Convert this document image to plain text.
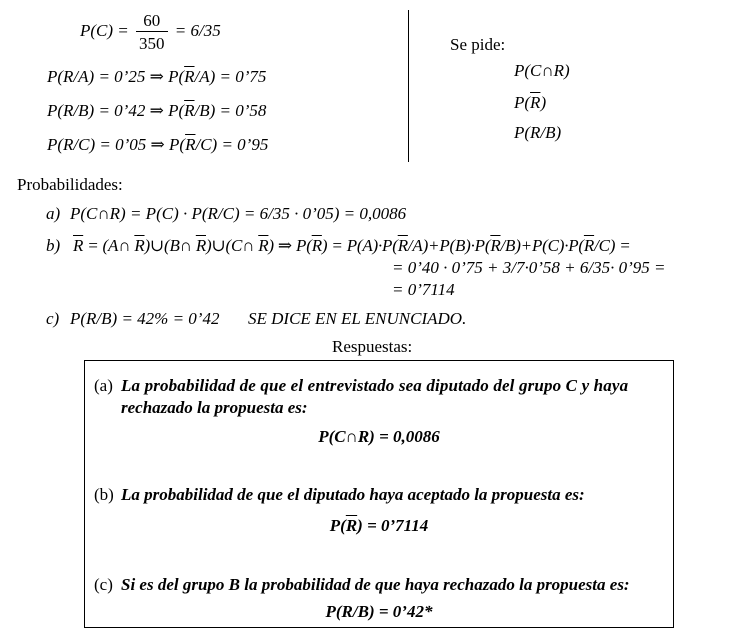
$P(C) = \frac{60}{350} = 6/35$
P(R/A) = 0’25 ⇒ $P(\overline{R}/A)$ = 0’75
P(R/B) = 0’42 ⇒ $P(\overline{R}/B)$ = 0’58
P(R/C) = 0’05 ⇒ $P(\overline{R}/C)$ = 0’95
Se pide:
P(C∩R)
$P(\overline{R})$
P(R/B)
Probabilidades:
a) P(C∩R) = P(C) · P(R/C) = 6/35 · 0’05) = 0,0086
b) $\overline{R}$ = (A∩ $\overline{R})\cup(B\cap$ $\overline{R})\cup(C\cap$ $\overline{R}$) ⇒ $P(\overline{R}) = P(A)\cdot P(\overline{R}/A)+P(B)\cdot P(\overline{R}/B)+P(C)\cdot P(\overline{R}/C)$ =
= 0’40 · 0’75 + 3/7·0’58 + 6/35· 0’95 =
= 0’7114
c) P(R/B) = 42% = 0’42 SE DICE EN EL ENUNCIADO.
Respuestas:
(a) La probabilidad de que el entrevistado sea diputado del grupo C y haya
rechazado la propuesta es:
P(C∩R) = 0,0086
(b) La probabilidad de que el diputado haya aceptado la propuesta es:
$P(\overline{R})$ = 0’7114
(c) Si es del grupo B la probabilidad de que haya rechazado la propuesta es:
P(R/B) = 0’42*
